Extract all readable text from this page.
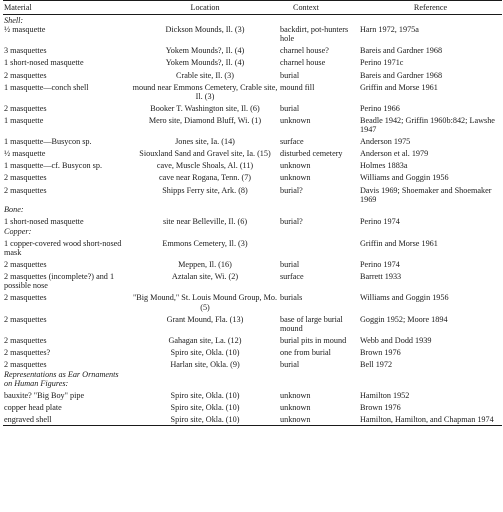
Material	Location	Context	Reference
Shell:			
½ masquette	Dickson Mounds, Il. (3)	backdirt, pot-hunters hole	Harn 1972, 1975a
3 masquettes	Yokem Mounds?, Il. (4)	charnel house?	Bareis and Gardner 1968
1 short-nosed masquette	Yokem Mounds?, Il. (4)	charnel house	Perino 1971c
2 masquettes	Crable site, Il. (3)	burial	Bareis and Gardner 1968
1 masquette—conch shell	mound near Emmons Cemetery, Crable site, Il. (3)	mound fill	Griffin and Morse 1961
2 masquettes	Booker T. Washington site, Il. (6)	burial	Perino 1966
1 masquette	Mero site, Diamond Bluff, Wi. (1)	unknown	Beadle 1942; Griffin 1960b:842; Lawshe 1947
1 masquette—Busycon sp.	Jones site, Ia. (14)	surface	Anderson 1975
½ masquette	Siouxland Sand and Gravel site, Ia. (15)	disturbed cemetery	Anderson et al. 1979
1 masquette—cf. Busycon sp.	cave, Muscle Shoals, Al. (11)	unknown	Holmes 1883a
2 masquettes	cave near Rogana, Tenn. (7)	unknown	Williams and Goggin 1956
2 masquettes	Shipps Ferry site, Ark. (8)	burial?	Davis 1969; Shoemaker and Shoemaker 1969
Bone:			
1 short-nosed masquette	site near Belleville, Il. (6)	burial?	Perino 1974
Copper:			
1 copper-covered wood short-nosed mask	Emmons Cemetery, Il. (3)		Griffin and Morse 1961
2 masquettes	Meppen, Il. (16)	burial	Perino 1974
2 masquettes (incomplete?) and 1 possible nose	Aztalan site, Wi. (2)	surface	Barrett 1933
2 masquettes	"Big Mound," St. Louis Mound Group, Mo. (5)	burials	Williams and Goggin 1956
2 masquettes	Grant Mound, Fla. (13)	base of large burial mound	Goggin 1952; Moore 1894
2 masquettes	Gahagan site, La. (12)	burial pits in mound	Webb and Dodd 1939
2 masquettes?	Spiro site, Okla. (10)	one from burial	Brown 1976
2 masquettes	Harlan site, Okla. (9)	burial	Bell 1972
Representations as Ear Ornaments on Human Figures:			
bauxite? "Big Boy" pipe	Spiro site, Okla. (10)	unknown	Hamilton 1952
copper head plate	Spiro site, Okla. (10)	unknown	Brown 1976
engraved shell	Spiro site, Okla. (10)	unknown	Hamilton, Hamilton, and Chapman 1974
